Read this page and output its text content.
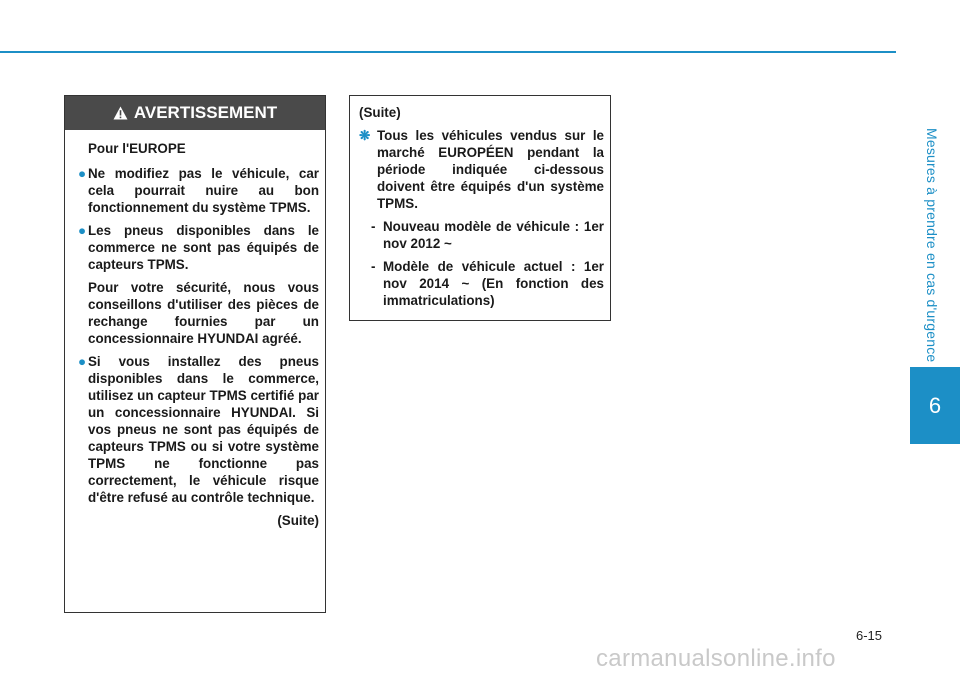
Mesures à prendre en cas d'urgence
6
AVERTISSEMENT

Pour l'EUROPE

● Ne modifiez pas le véhicule, car cela pourrait nuire au bon fonctionnement du système TPMS.

● Les pneus disponibles dans le commerce ne sont pas équipés de capteurs TPMS.

Pour votre sécurité, nous vous conseillons d'utiliser des pièces de rechange fournies par un concessionnaire HYUNDAI agréé.

● Si vous installez des pneus disponibles dans le commerce, utilisez un capteur TPMS certifié par un concessionnaire HYUNDAI. Si vos pneus ne sont pas équipés de capteurs TPMS ou si votre système TPMS ne fonctionne pas correctement, le véhicule risque d'être refusé au contrôle technique.

(Suite)

(Suite)

❋ Tous les véhicules vendus sur le marché EUROPÉEN pendant la période indiquée ci-dessous doivent être équipés d'un système TPMS.

- Nouveau modèle de véhicule : 1er nov 2012 ~

- Modèle de véhicule actuel : 1er nov 2014 ~ (En fonction des immatriculations)

6-15
carmanualsonline.info
